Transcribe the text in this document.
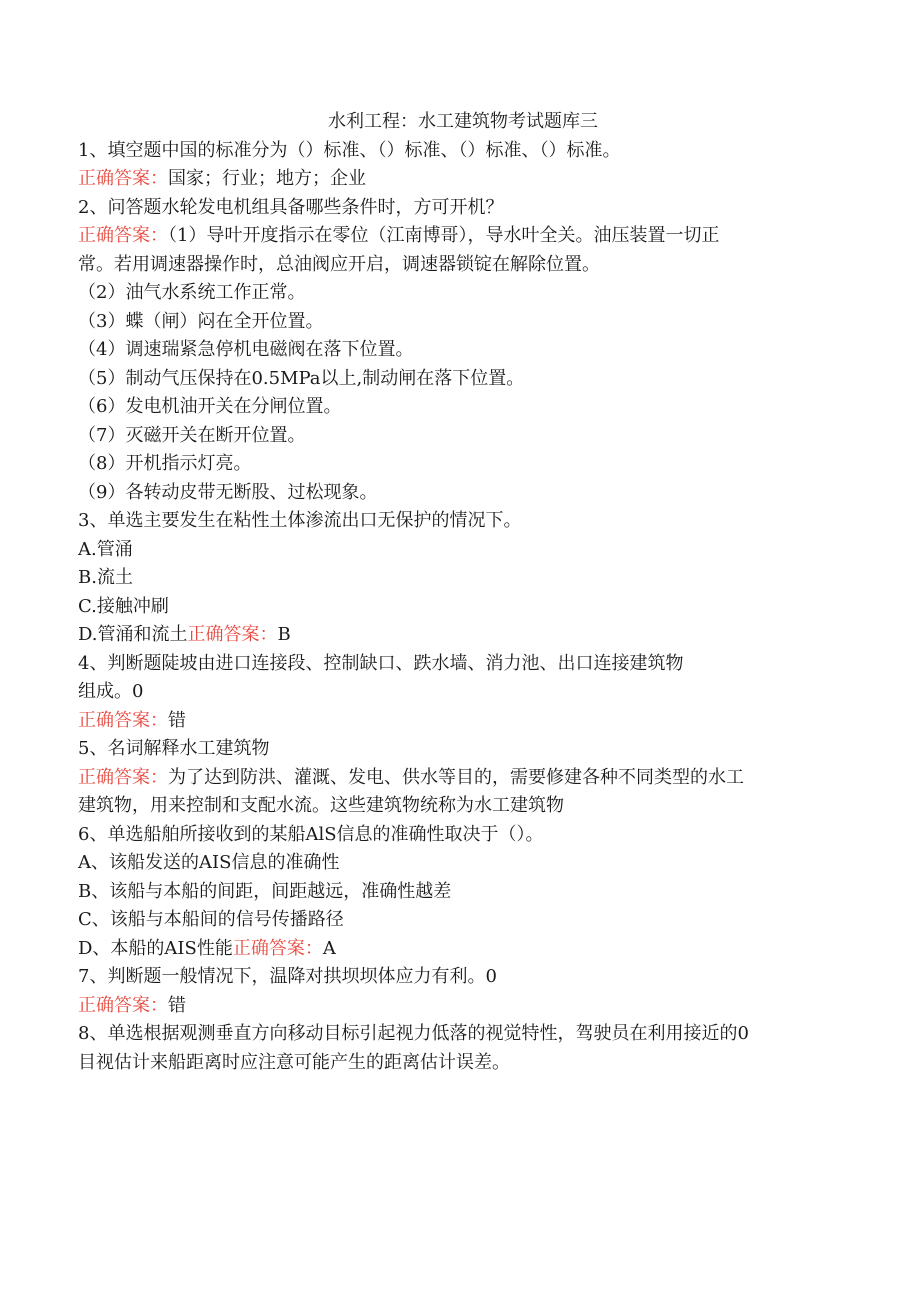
水利工程：水工建筑物考试题库三

1、填空题中国的标准分为（）标准、（）标准、（）标准、（）标准。

正确答案：国家；行业；地方；企业

2、问答题水轮发电机组具备哪些条件时，方可开机？

正确答案：（1）导叶开度指示在零位（江南博哥），导水叶全关。油压装置一切正

常。若用调速器操作时，总油阀应开启，调速器锁锭在解除位置。

（2）油气水系统工作正常。

（3）蝶（闸）闷在全开位置。

（4）调速瑞紧急停机电磁阀在落下位置。

（5）制动气压保持在0.5MPa以上,制动闸在落下位置。

（6）发电机油开关在分闸位置。

（7）灭磁开关在断开位置。

（8）开机指示灯亮。

（9）各转动皮带无断股、过松现象。

3、单选主要发生在粘性土体渗流出口无保护的情况下。

A.管涌

B.流土

C.接触冲刷

D.管涌和流土正确答案：B

4、判断题陡坡由进口连接段、控制缺口、跌水墙、消力池、出口连接建筑物

组成。0

正确答案：错

5、名词解释水工建筑物

正确答案：为了达到防洪、灌溉、发电、供水等目的，需要修建各种不同类型的水工

建筑物，用来控制和支配水流。这些建筑物统称为水工建筑物

6、单选船舶所接收到的某船AlS信息的准确性取决于（）。

A、该船发送的AIS信息的准确性

B、该船与本船的间距，间距越远，准确性越差

C、该船与本船间的信号传播路径

D、本船的AIS性能正确答案：A

7、判断题一般情况下，温降对拱坝坝体应力有利。0

正确答案：错

8、单选根据观测垂直方向移动目标引起视力低落的视觉特性，驾驶员在利用接近的0

目视估计来船距离时应注意可能产生的距离估计误差。
